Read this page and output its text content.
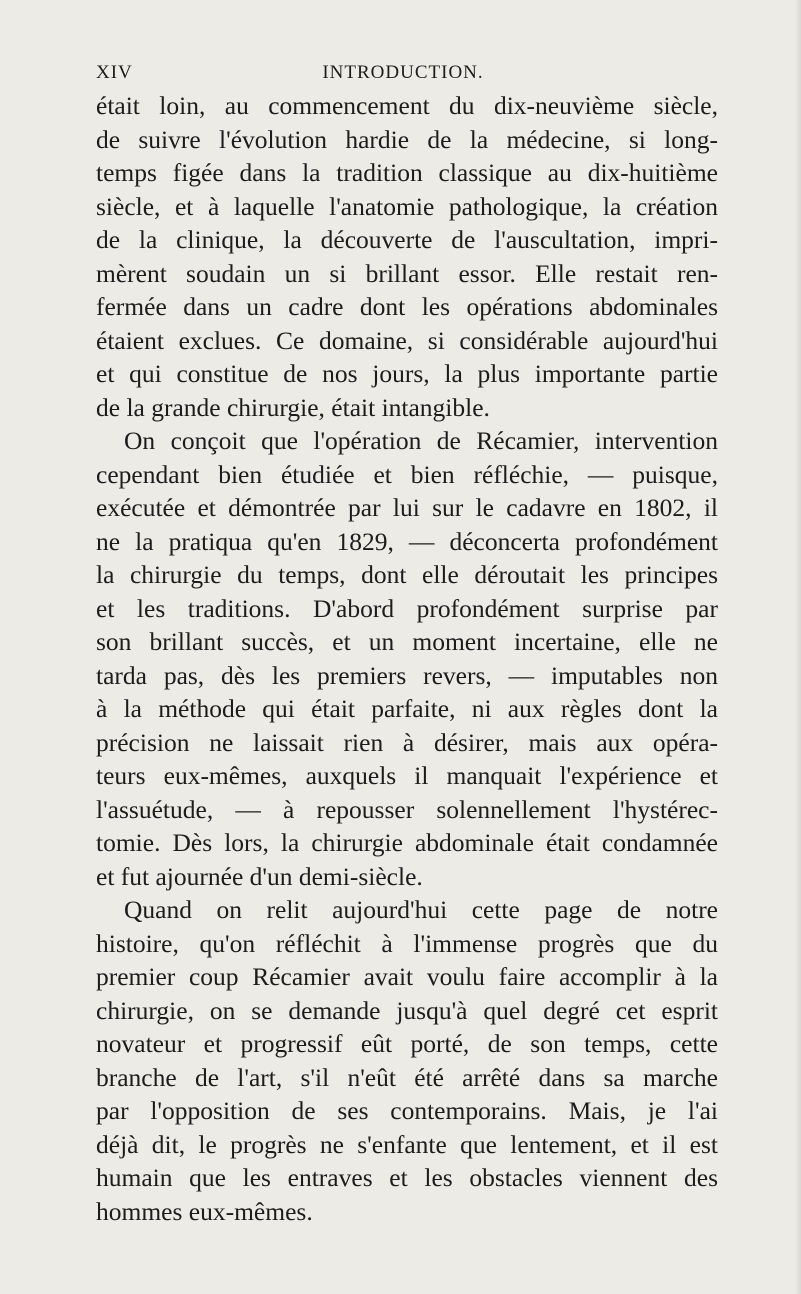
XIV	INTRODUCTION.
était loin, au commencement du dix-neuvième siècle,
de suivre l'évolution hardie de la médecine, si long-
temps figée dans la tradition classique au dix-huitième
siècle, et à laquelle l'anatomie pathologique, la création
de la clinique, la découverte de l'auscultation, impri-
mèrent soudain un si brillant essor. Elle restait ren-
fermée dans un cadre dont les opérations abdominales
étaient exclues. Ce domaine, si considérable aujourd'hui
et qui constitue de nos jours, la plus importante partie
de la grande chirurgie, était intangible.
On conçoit que l'opération de Récamier, intervention
cependant bien étudiée et bien réfléchie, — puisque,
exécutée et démontrée par lui sur le cadavre en 1802, il
ne la pratiqua qu'en 1829, — déconcerta profondément
la chirurgie du temps, dont elle déroutait les principes
et les traditions. D'abord profondément surprise par
son brillant succès, et un moment incertaine, elle ne
tarda pas, dès les premiers revers, — imputables non
à la méthode qui était parfaite, ni aux règles dont la
précision ne laissait rien à désirer, mais aux opéra-
teurs eux-mêmes, auxquels il manquait l'expérience et
l'assuétude, — à repousser solennellement l'hystérec-
tomie. Dès lors, la chirurgie abdominale était condamnée
et fut ajournée d'un demi-siècle.
Quand on relit aujourd'hui cette page de notre
histoire, qu'on réfléchit à l'immense progrès que du
premier coup Récamier avait voulu faire accomplir à la
chirurgie, on se demande jusqu'à quel degré cet esprit
novateur et progressif eût porté, de son temps, cette
branche de l'art, s'il n'eût été arrêté dans sa marche
par l'opposition de ses contemporains. Mais, je l'ai
déjà dit, le progrès ne s'enfante que lentement, et il est
humain que les entraves et les obstacles viennent des
hommes eux-mêmes.
